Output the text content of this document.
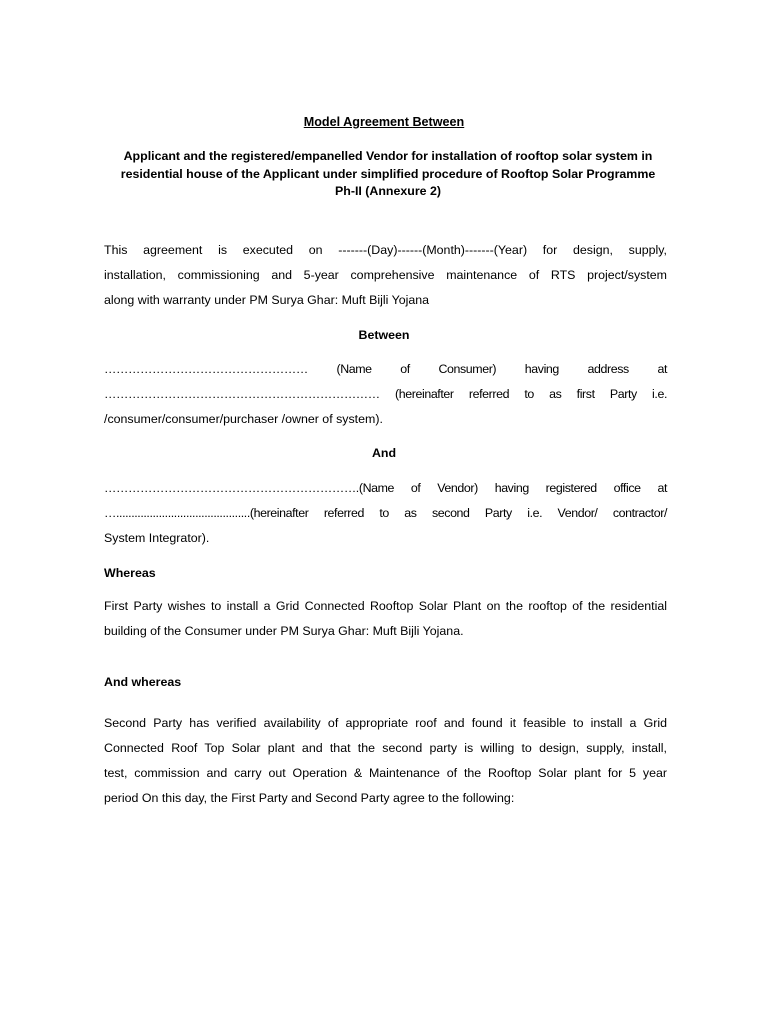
Model Agreement Between
Applicant and the registered/empanelled Vendor for installation of rooftop solar system in residential house of the Applicant under simplified procedure of Rooftop Solar Programme Ph-II (Annexure 2)
This agreement is executed on -------(Day)------(Month)-------(Year) for design, supply,
installation, commissioning and 5-year comprehensive maintenance of RTS project/system
along with warranty under PM Surya Ghar: Muft Bijli Yojana
Between
…………………………………………… (Name of Consumer) having address at
…………………………………………………………… (hereinafter referred to as first Party i.e.
/consumer/consumer/purchaser /owner of system).
And
……………………………………………………….(Name of Vendor) having registered office at
…............................................(hereinafter referred to as second Party i.e. Vendor/ contractor/
System Integrator).
Whereas
First Party wishes to install a Grid Connected Rooftop Solar Plant on the rooftop of the residential
building of the Consumer under PM Surya Ghar: Muft Bijli Yojana.
And whereas
Second Party has verified availability of appropriate roof and found it feasible to install a Grid
Connected Roof Top Solar plant and that the second party is willing to design, supply, install,
test, commission and carry out Operation & Maintenance of the Rooftop Solar plant for 5 year
period On this day, the First Party and Second Party agree to the following:
